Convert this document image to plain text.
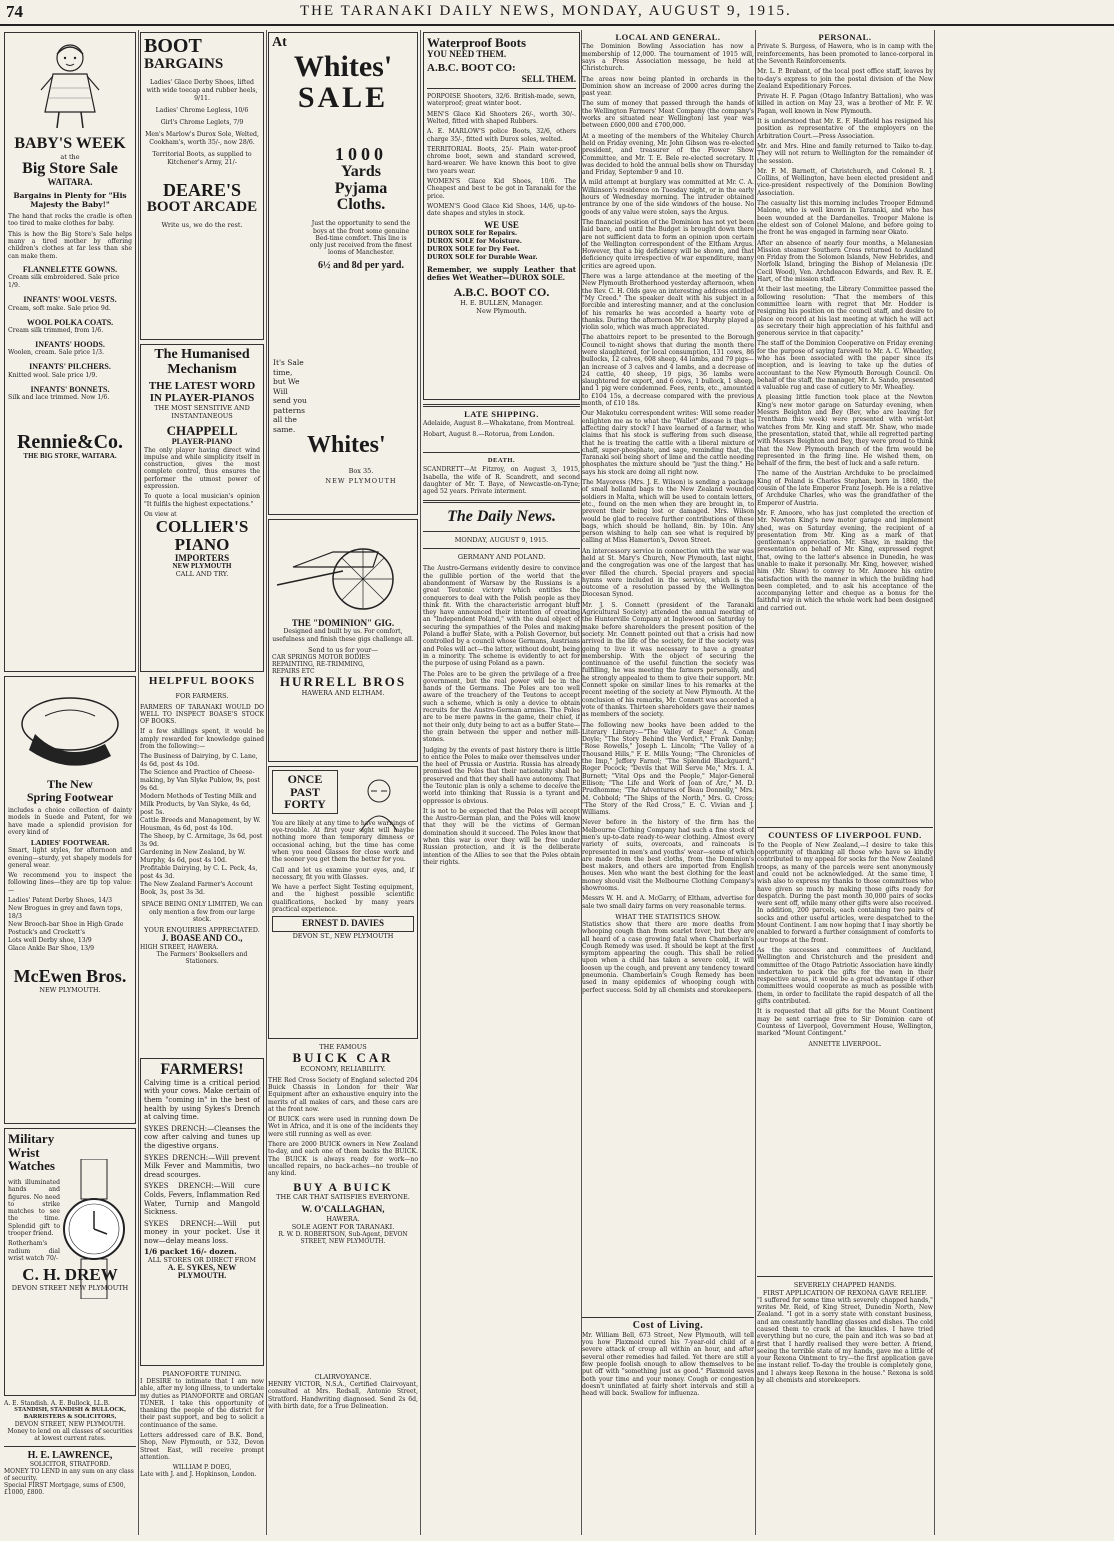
74	THE TARANAKI DAILY NEWS, MONDAY, AUGUST 9, 1915.
BABY'S WEEK
at the
Big Store Sale
WAITARA.
Bargains in Plenty for "His Majesty the Baby!"

The hand that rocks the cradle is often too tired to make clothes for baby.

This is how the Big Store's Sale helps many a tired mother by offering children's clothes at far less than she can make them.

FLANNELETTE GOWNS.
Cream silk embroidered. Sale price 1/9.
INFANTS' WOOL VESTS.
Cream, soft make. Sale price 9d.
WOOL POLKA COATS.
Cream silk trimmed, from 1/6.
INFANTS' HOODS.
Woolen, cream. Sale price 1/3.
INFANTS' PILCHERS.
Knitted wool. Sale price 1/9.
INFANTS' BONNETS.
Silk and lace trimmed. Now 1/6.
Rennie&Co.
THE BIG STORE, WAITARA.
The New
Spring Footwear

includes a choice collection of dainty models in Suede and Patent, for we have made a splendid provision for every kind of

LADIES' FOOTWEAR.

Smart, light styles, for afternoon and evening—sturdy, yet shapely models for general wear.

We recommend you to inspect the following lines—they are tip top value:—

Ladies' Patent Derby Shoes, 14/3
New Brogues in grey and fawn tops, 18/3
New Brooch-bar Shoe in High Grade Postuck's and Crockett's
Lots well Derby shoe, 13/9
Glace Ankle Bar Shoe, 13/9
McEwen Bros.
NEW PLYMOUTH.
Military
Wrist
Watches

with illuminated hands and figures. No need to strike matches to see the time. Splendid gift to trooper friend.

Rotherham's radium dial wrist watch 70/-

C. H. DREW
DEVON STREET NEW PLYMOUTH
A. E. Standish. A. E. Bullock, LL.B.
STANDISH, STANDISH & BULLOCK,
BARRISTERS & SOLICITORS,
DEVON STREET, NEW PLYMOUTH.
Money to lend on all classes of securities at lowest current rates.
H. E. LAWRENCE,
SOLICITOR, STRATFORD.
MONEY TO LEND in any sum on any class of security.
Special FIRST Mortgage, sums of £500, £1000, £800.
BOOT
BARGAINS
Ladies' Glace Derby Shoes, lifted with wide toecap and rubber heels, 9/11.
Ladies' Chrome Legless, 10/6
Girl's Chrome Leglets, 7/9
Men's Marlow's Durox Sole, Welted, Cookham's, worth 35/-, now 28/6.
Territorial Boots, as supplied to Kitchener's Army, 21/-
DEARE'S
BOOT ARCADE
Write us, we do the rest.
The Humanised
Mechanism
THE LATEST WORD
IN PLAYER-PIANOS
THE MOST SENSITIVE AND INSTANTANEOUS
CHAPPELL
PLAYER-PIANO

The only player having direct wind impulse and while simplicity itself in construction, gives the most complete control, thus ensures the performer the utmost power of expression.

To quote a local musician's opinion "It fulfils the highest expectations."

On view at
COLLIER'S
PIANO
IMPORTERS
NEW PLYMOUTH
CALL AND TRY.
HELPFUL BOOKS
FOR FARMERS.

FARMERS OF TARANAKI WOULD DO WELL TO INSPECT BOASE'S STOCK OF BOOKS.

If a few shillings spent, it would be amply rewarded for knowledge gained from the following:—

The Business of Dairying, by C. Lane, 4s 6d, post 4s 10d.
The Science and Practice of Cheese-making, by Van Slyke Publow, 9s, post 9s 6d.
Modern Methods of Testing Milk and Milk Products, by Van Slyke, 4s 6d, post 5s.
Cattle Breeds and Management, by W. Housman, 4s 6d, post 4s 10d.
The Sheep, by C. Armitage, 3s 6d, post 3s 9d.
Gardening in New Zealand, by W. Murphy, 4s 6d, post 4s 10d.
Profitable Dairying, by C. L. Peck, 4s, post 4s 3d.
The New Zealand Farmer's Account Book, 3s, post 3s 3d.

SPACE BEING ONLY LIMITED, We can only mention a few from our large stock.

YOUR ENQUIRIES APPRECIATED.
J. BOASE AND CO.,
HIGH STREET, HAWERA.
The Farmers' Booksellers and Stationers.
FARMERS!

Calving time is a critical period with your cows. Make certain of them "coming in" in the best of health by using Sykes's Drench at calving time.

SYKES DRENCH:—Cleanses the cow after calving and tunes up the digestive organs.

SYKES DRENCH:—Will prevent Milk Fever and Mammitis, two dread scourges.

SYKES DRENCH:—Will cure Colds, Fevers, Inflammation Red Water, Turnip and Mangold Sickness.

SYKES DRENCH:—Will put money in your pocket. Use it now—delay means loss.

1/6 packet 16/- dozen.
ALL STORES OR DIRECT FROM
A. E. SYKES, NEW PLYMOUTH.
PIANOFORTE TUNING.

I DESIRE to intimate that I am now able, after my long illness, to undertake my duties as PIANOFORTE and ORGAN TUNER. I take this opportunity of thanking the people of the district for their past support, and beg to solicit a continuance of the same.

Letters addressed care of B.K. Bond, Shop, New Plymouth, or 532, Devon Street East, will receive prompt attention.

WILLIAM P. DOEG,
Late with J. and J. Hopkinson, London.
At
Whites'
SALE
1000
Yards
Pyjama
Cloths.

Just the opportunity to send the boys at the front some genuine Bed-time comfort. This line is only just received from the finest looms of Manchester.

6½ and 8d per yard.
It's Sale time, but We Will send you patterns all the same.
Whites'
Box 35.
NEW PLYMOUTH
THE "DOMINION" GIG.

Designed and built by us. For comfort, usefulness and finish these gigs challenge all.

Send to us for your—
CAR SPRINGS MOTOR BODIES
REPAINTING, RE-TRIMMING,
REPAIRS ETC
HURRELL BROS
HAWERA AND ELTHAM.
ONCE
PAST
FORTY

You are likely at any time to have warnings of eye-trouble. At first your sight will maybe nothing more than temporary dimness or occasional aching, but the time has come when you need Glasses for close work and the sooner you get them the better for you.

Call and let us examine your eyes, and, if necessary, fit you with Glasses.

We have a perfect Sight Testing equipment, and the highest possible scientific qualifications, backed by many years practical experience.

ERNEST D. DAVIES
DEVON ST., NEW PLYMOUTH
THE FAMOUS
BUICK CAR
ECONOMY, RELIABILITY.

THE Red Cross Society of England selected 204 Buick Chassis in London for their War Equipment after an exhaustive enquiry into the merits of all makes of cars, and these cars are at the front now.

Of BUICK cars were used in running down De Wet in Africa, and it is one of the incidents they were still running as well as ever.

There are 2000 BUICK owners in New Zealand to-day, and each one of them backs the BUICK. The BUICK is always ready for work—no uncalled repairs, no back-aches—no trouble of any kind.

BUY A BUICK
THE CAR THAT SATISFIES EVERYONE.
W. O'CALLAGHAN,
HAWERA.
SOLE AGENT FOR TARANAKI.
R. W. D. ROBERTSON, Sub-Agent, DEVON STREET, NEW PLYMOUTH.
CLAIRVOYANCE.

HENRY VICTOR, N.S.A., Certified Clairvoyant, consulted at Mrs. Redsall, Antonio Street, Stratford. Handwriting diagnosed. Send 2s 6d, with birth date, for a True Delineation.

Waterproof Boots
YOU NEED THEM.
A.B.C. BOOT CO:
SELL THEM.

PORPOISE Shooters, 32/6. British-made, sewn, waterproof; great winter boot.

MEN'S Glace Kid Shooters 26/-, worth 30/-. Welted, fitted with shaped Rubbers.

A. E. MARLOW'S police Boots, 32/6, others charge 35/-, fitted with Durox soles, welted.

TERRITORIAL Boots, 25/- Plain water-proof chrome boot, sewn and standard screwed, hard-wearer. We have known this boot to give two years wear.

WOMEN'S Glace Kid Shoes, 10/6. The Cheapest and best to be got in Taranaki for the price.

WOMEN'S Good Glace Kid Shoes, 14/6, up-to-date shapes and styles in stock.

WE USE
DUROX SOLE for Repairs.
DUROX SOLE for Moisture.
DUROX SOLE for Dry Feet.
DUROX SOLE for Durable Wear.

Remember, we supply Leather that defies Wet Weather—DUROX SOLE.

A.B.C. BOOT CO.
H. E. BULLEN, Manager.
New Plymouth.
LATE SHIPPING.

Adelaide, August 8.—Whakatane, from Montreal.

Hobart, August 8.—Rotorua, from London.

DEATH.

SCANDRETT—At Fitzroy, on August 3, 1915, Isabella, the wife of R. Scandrett, and second daughter of Mr. T. Baye, of Newcastle-on-Tyne; aged 52 years. Private interment.

The Daily News.
MONDAY, AUGUST 9, 1915.
GERMANY AND POLAND.

The Austro-Germans evidently desire to convince the gullible portion of the world that the abandonment of Warsaw by the Russians is a great Teutonic victory which entitles the conquerors to deal with the Polish people as they think fit. With the characteristic arrogant bluff they have announced their intention of creating an "Independent Poland," with the dual object of securing the sympathies of the Poles and making Poland a buffer State, with a Polish Governor, but controlled by a council whose Germans, Austrians and Poles will act—the latter, without doubt, being in a minority. The scheme is evidently to act for the purpose of using Poland as a pawn.

The Poles are to be given the privilege of a free government, but the real power will be in the hands of the Germans. The Poles are too well aware of the treachery of the Teutons to accept such a scheme, which is only a device to obtain recruits for the Austro-German armies. The Poles are to be mere pawns in the game, their chief, if not their only, duty being to act as a buffer State—the grain between the upper and nether mill-stones.

Judging by the events of past history there is little to entice the Poles to make over themselves under the heel of Prussia or Austria. Russia has already promised the Poles that their nationality shall be preserved and that they shall have autonomy. That the Teutonic plan is only a scheme to deceive the world into thinking that Russia is a tyrant and oppressor is obvious.

It is not to be expected that the Poles will accept the Austro-German plan, and the Poles will know that they will be the victims of German domination should it succeed. The Poles know that when this war is over they will be free under Russian protection, and it is the deliberate intention of the Allies to see that the Poles obtain their rights.

LOCAL AND GENERAL.

The Dominion Bowling Association has now a membership of 12,000. The tournament of 1915 will, says a Press Association message, be held at Christchurch.

The areas now being planted in orchards in the Dominion show an increase of 2000 acres during the past year.

The sum of money that passed through the hands of the Wellington Farmers' Meat Company (the company's works are situated near Wellington) last year was between £600,000 and £700,000.

At a meeting of the members of the Whiteley Church held on Friday evening, Mr. John Gibson was re-elected president, and treasurer of the Flower Show Committee, and Mr. T. E. Bele re-elected secretary. It was decided to hold the annual bells show on Thursday and Friday, September 9 and 10.

A mild attempt at burglary was committed at Mr. C. A. Wilkinson's residence on Tuesday night, or in the early hours of Wednesday morning. The intruder obtained entrance by one of the side windows of the house. No goods of any value were stolen, says the Argus.

The financial position of the Dominion has not yet been laid bare, and until the Budget is brought down there are not sufficient data to form an opinion upon certain of the Wellington correspondent of the Eltham Argus. However, that a big deficiency will be shown, and that deficiency quite irrespective of war expenditure, many critics are agreed upon.

There was a large attendance at the meeting of the New Plymouth Brotherhood yesterday afternoon, when the Rev. C. H. Olds gave an interesting address entitled "My Creed." The speaker dealt with his subject in a forcible and interesting manner, and at the conclusion of his remarks he was accorded a hearty vote of thanks. During the afternoon Mr. Roy Murphy played a violin solo, which was much appreciated.

The abattoirs report to be presented to the Borough Council to-night shows that during the month there were slaughtered, for local consumption, 131 cows, 86 bullocks, 12 calves, 608 sheep, 44 lambs, and 79 pigs—an increase of 3 calves and 4 lambs, and a decrease of 24 cattle, 40 sheep, 19 pigs, 36 lambs were slaughtered for export, and 6 cows, 1 bullock, 1 sheep, and 1 pig were condemned. Fees, rents, etc., amounted to £104 15s, a decrease compared with the previous month, of £10 18s.

Our Makotuku correspondent writes: Will some reader enlighten me as to what the "Wallet" disease is that is affecting dairy stock? I have learned of a farmer, who claims that his stock is suffering from such disease, that he is treating the cattle with a liberal mixture of chaff, super-phosphate, and sage, reminding that, the Taranaki soil being short of lime and the cattle needing phosphates the mixture should be "just the thing." He says his stock are doing all right now.

The Mayoress (Mrs. J. E. Wilson) is sending a package of small hollanid bags to the New Zealand wounded soldiers in Malta, which will be used to contain letters, etc., found on the men when they are brought in, to prevent their being lost or damaged. Mrs. Wilson would be glad to receive further contributions of these bags, which should be holland, 8in. by 10in. Any person wishing to help can see what is required by calling at Miss Hamerton's, Devon Street.

An intercessory service in connection with the war was held at St. Mary's Church, New Plymouth, last night, and the congregation was one of the largest that has ever filled the church. Special prayers and special hymns were included in the service, which is the outcome of a resolution passed by the Wellington Diocesan Synod.

Mr. J. S. Connett (president of the Taranaki Agricultural Society) attended the annual meeting of the Hunterville Company at Inglewood on Saturday to make before shareholders the present position of the society. Mr. Connett pointed out that a crisis had now arrived in the life of the society, for if the society was going to live it was necessary to have a greater membership. With the object of securing the continuance of the useful function the society was fulfilling, he was meeting the farmers personally, and he strongly appealed to them to give their support. Mr. Connett spoke on similar lines to his remarks at the recent meeting of the society at New Plymouth. At the conclusion of his remarks, Mr. Connett was accorded a vote of thanks. Thirteen shareholders gave their names as members of the society.

The following new books have been added to the Literary Library:—"The Valley of Fear," A. Conan Doyle; "The Story Behind the Verdict," Frank Danby; "Rose Rowells," Joseph L. Lincoln; "The Valley of a Thousand Hills," F. E. Mills Young; "The Chronicles of the Imp," Jeffery Farnol; "The Splendid Blackguard," Roger Pocock; "Devils that Will Serve Me," Mrs. I. A. Burnett; "Vital Ops and the People," Major-General Ellison; "The Life and Work of Joan of Arc," M. D. Prudhomme; "The Adventures of Beau Donnelly," Mrs. M. Cobbold; "The Ships of the North," Mrs. G. Cross; "The Story of the Red Cross," E. C. Vivian and J. Williams.

Never before in the history of the firm has the Melbourne Clothing Company had such a fine stock of men's up-to-date ready-to-wear clothing. Almost every variety of suits, overcoats, and raincoats is represented in men's and youths' wear—some of which are made from the best cloths, from the Dominion's best makers, and others are imported from English houses. Men who want the best clothing for the least money should visit the Melbourne Clothing Company's showrooms.

Messrs W. H. and A. McGarry, of Eltham, advertise for sale two small dairy farms on very reasonable terms.

WHAT THE STATISTICS SHOW.

Statistics show that there are more deaths from whooping cough than from scarlet fever, but they are all heard of a case growing fatal when Chamberlain's Cough Remedy was used. It should be kept at the first symptom appearing the cough. This shall be relied upon when a child has taken a severe cold, it will loosen up the cough, and prevent any tendency toward pneumonia. Chamberlain's Cough Remedy has been used in many epidemics of whooping cough with perfect success. Sold by all chemists and storekeepers.

Cost of Living.

Mr. William Bell, 673 Street, New Plymouth, will tell you how Plaxmoid cured his 7-year-old child of a severe attack of croup all within an hour, and after several other remedies had failed. Yet there are still a few people foolish enough to allow themselves to be put off with "something just as good." Plaxmoid saves both your time and your money. Cough or congestion doesn't uninflated at fairly short intervals and still a head will back. Swallow for influenza.

PERSONAL.

Private S. Burgess, of Hawera, who is in camp with the reinforcements, has been promoted to lance-corporal in the Seventh Reinforcements.

Mr. L. P. Brabant, of the local post office staff, leaves by to-day's express to join the postal division of the New Zealand Expeditionary Forces.

Private H. F. Pagan (Otago Infantry Battalion), who was killed in action on May 23, was a brother of Mr. F. W. Pagan, well known in New Plymouth.

It is understood that Mr. E. F. Hadfield has resigned his position as representative of the employers on the Arbitration Court.—Press Association.

Mr. and Mrs. Hine and family returned to Taiko to-day. They will not return to Wellington for the remainder of the session.

Mr. F. M. Barnett, of Christchurch, and Colonel R. J. Collins, of Wellington, have been elected president and vice-president respectively of the Dominion Bowling Association.

The casualty list this morning includes Trooper Edmund Malone, who is well known in Taranaki, and who has been wounded at the Dardanelles. Trooper Malone is the eldest son of Colonel Malone, and before going to the front he was engaged in farming near Okato.

After an absence of nearly four months, a Melanesian Mission steamer Southern Cross returned to Auckland on Friday from the Solomon Islands, New Hebrides, and Norfolk Island, bringing the Bishop of Melanesia (Dr. Cecil Wood), Ven. Archdeacon Edwards, and Rev. R. E. Hart, of the mission staff.

At their last meeting, the Library Committee passed the following resolution: "That the members of this committee learn with regret that Mr. Hodder is resigning his position on the council staff, and desire to place on record at his last meeting at which he will act as secretary their high appreciation of his faithful and generous service in that capacity."

The staff of the Dominion Cooperative on Friday evening for the purpose of saying farewell to Mr. A. C. Wheatley, who has been associated with the paper since its inception, and is leaving to take up the duties of accountant to the New Plymouth Borough Council. On behalf of the staff, the manager, Mr. A. Sando, presented a valuable rug and case of cutlery to Mr. Wheatley.

A pleasing little function took place at the Newton King's new motor garage on Saturday evening, when Messrs Beighton and Bey (Bev, who are leaving for Trentham this week) were presented with wrist-let watches from Mr. King and staff. Mr. Shaw, who made the presentation, stated that, while all regretted parting with Messrs Beighton and Bey, they were proud to think that the New Plymouth branch of the firm would be represented in the firing line. He wished them, on behalf of the firm, the best of luck and a safe return.

The name of the Austrian Archduke to be proclaimed King of Poland is Charles Stephan, born in 1860, the cousin of the late Emperor Franz Joseph. He is a relative of Archduke Charles, who was the grandfather of the Emperor of Austria.

Mr. F. Amoore, who has just completed the erection of Mr. Newton King's new motor garage and implement shed, was on Saturday evening, the recipient of a presentation from Mr. King as a mark of that gentleman's appreciation. Mr. Shaw, in making the presentation on behalf of Mr. King, expressed regret that, owing to the latter's absence in Dunedin, he was unable to make it personally. Mr. King, however, wished him (Mr. Shaw) to convey to Mr. Amoore his entire satisfaction with the manner in which the building had been completed, and to ask his acceptance of the accompanying letter and cheque as a bonus for the faithful way in which the whole work had been designed and carried out.

COUNTESS OF LIVERPOOL FUND.

To the People of New Zealand,—I desire to take this opportunity of thanking all those who have so kindly contributed to my appeal for socks for the New Zealand troops, as many of the parcels were sent anonymously and could not be acknowledged. At the same time, I wish also to express my thanks to those committees who have given so much by making those gifts ready for despatch. During the past month 30,000 pairs of socks were sent off, while many other gifts were also received. In addition, 200 parcels, each containing two pairs of socks and other useful articles, were despatched to the Mount Continent. I am now hoping that I may shortly be enabled to forward a further consignment of comforts to our troops at the front.

As the successes and committees of Auckland, Wellington and Christchurch and the president and committee of the Otago Patriotic Association have kindly undertaken to pack the gifts for the men in their respective areas, it would be a great advantage if other committees would cooperate as much as possible with them, in order to facilitate the rapid despatch of all the gifts contributed.

It is requested that all gifts for the Mount Continent may be sent carriage free to Sir Dominion care of Countess of Liverpool, Government House, Wellington, marked "Mount Contingent."

ANNETTE LIVERPOOL.
SEVERELY CHAPPED HANDS.
FIRST APPLICATION OF REXONA GAVE RELIEF.

"I suffered for some time with severely chapped hands," writes Mr. Reid, of King Street, Dunedin North, New Zealand. "I got in a sorry state with constant business, and am constantly handling glasses and dishes. The cold caused them to crack at the knuckles. I have tried everything but no cure, the pain and itch was so bad at first that I hardly realised they were better. A friend, seeing the terrible state of my hands, gave me a little of your Rexona Ointment to try—the first application gave me instant relief. To-day the trouble is completely gone, and I always keep Rexona in the house." Rexona is sold by all chemists and storekeepers.
